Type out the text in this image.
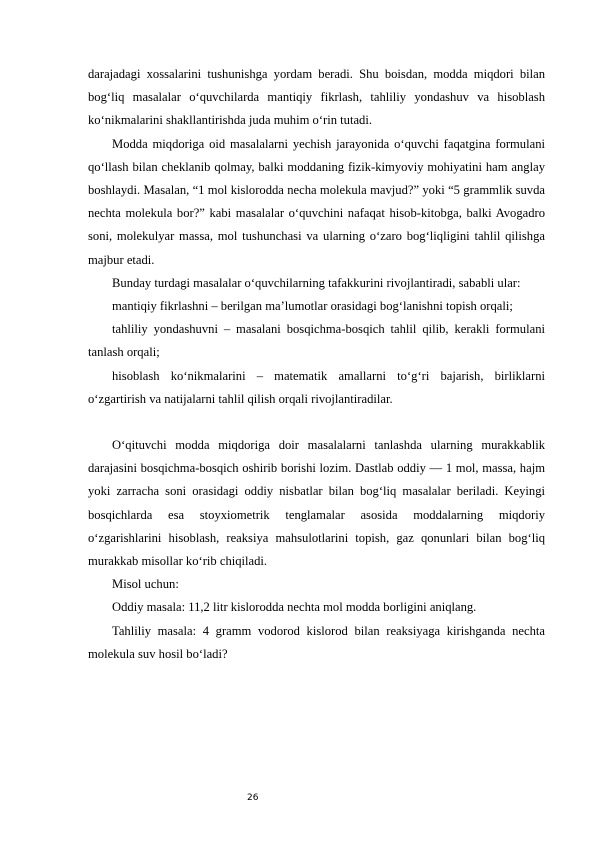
darajadagi xossalarini tushunishga yordam beradi. Shu boisdan, modda miqdori bilan bog‘liq masalalar o‘quvchilarda mantiqiy fikrlash, tahliliy yondashuv va hisoblash ko‘nikmalarini shakllantirishda juda muhim o‘rin tutadi.

Modda miqdoriga oid masalalarni yechish jarayonida o‘quvchi faqatgina formulani qo‘llash bilan cheklanib qolmay, balki moddaning fizik-kimyoviy mohiyatini ham anglay boshlaydi. Masalan, “1 mol kislorodda necha molekula mavjud?” yoki “5 grammlik suvda nechta molekula bor?” kabi masalalar o‘quvchini nafaqat hisob-kitobga, balki Avogadro soni, molekulyar massa, mol tushunchasi va ularning o‘zaro bog‘liqligini tahlil qilishga majbur etadi.

Bunday turdagi masalalar o‘quvchilarning tafakkurini rivojlantiradi, sababli ular:

mantiqiy fikrlashni – berilgan ma’lumotlar orasidagi bog‘lanishni topish orqali;

tahliliy yondashuvni – masalani bosqichma-bosqich tahlil qilib, kerakli formulani tanlash orqali;

hisoblash ko‘nikmalarini – matematik amallarni to‘g‘ri bajarish, birliklarni o‘zgartirish va natijalarni tahlil qilish orqali rivojlantiradilar.

O‘qituvchi modda miqdoriga doir masalalarni tanlashda ularning murakkablik darajasini bosqichma-bosqich oshirib borishi lozim. Dastlab oddiy — 1 mol, massa, hajm yoki zarracha soni orasidagi oddiy nisbatlar bilan bog‘liq masalalar beriladi. Keyingi bosqichlarda esa stoyxiometrik tenglamalar asosida moddalarning miqdoriy o‘zgarishlarini hisoblash, reaksiya mahsulotlarini topish, gaz qonunlari bilan bog‘liq murakkab misollar ko‘rib chiqiladi.

Misol uchun:

Oddiy masala: 11,2 litr kislorodda nechta mol modda borligini aniqlang.

Tahliliy masala: 4 gramm vodorod kislorod bilan reaksiyaga kirishganda nechta molekula suv hosil bo‘ladi?

26
